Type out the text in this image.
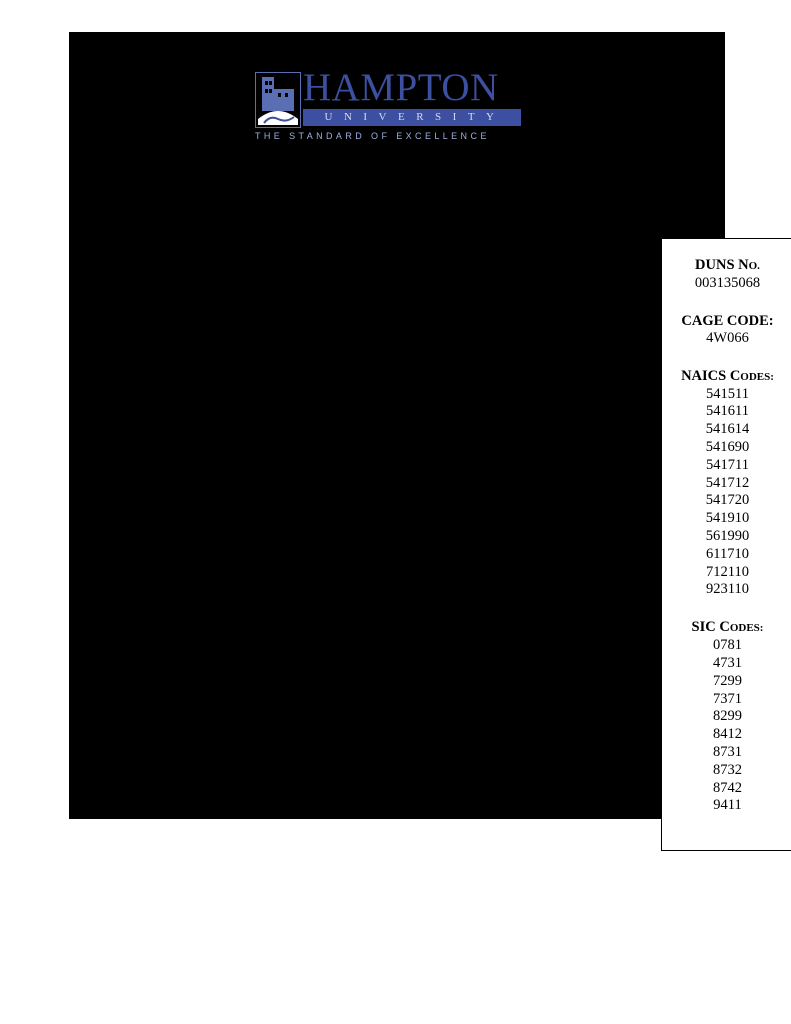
HAMPTON
UNIVERSITY
THE STANDARD OF EXCELLENCE
DUNS NO.
003135068
CAGE CODE:
4W066
NAICS CODES:
541511
541611
541614
541690
541711
541712
541720
541910
561990
611710
712110
923110
SIC CODES:
0781
4731
7299
7371
8299
8412
8731
8732
8742
9411
